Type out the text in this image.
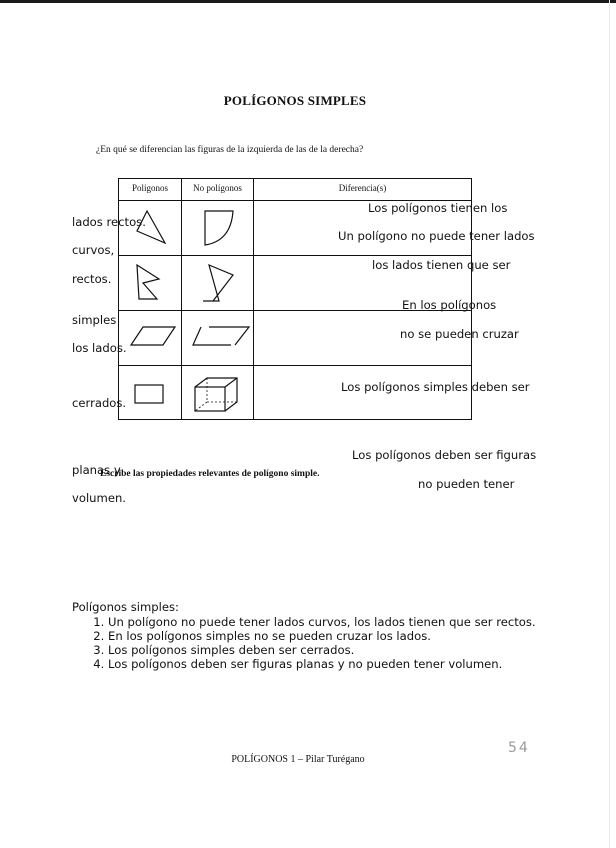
POLÍGONOS SIMPLES
¿En qué se diferencian las figuras de la izquierda de las de la derecha?
Polígonos	No polígonos	Diferencia(s)
Los polígonos tienen los
lados rectos.
Un polígono no puede tener lados
curvos,
los lados tienen que ser
rectos.
En los polígonos
simples
no se pueden cruzar
los lados.
Los polígonos simples deben ser
cerrados.
Los polígonos deben ser figuras
planas y
no pueden tener
volumen.
Escribe las propiedades relevantes de polígono simple.
Polígonos simples:
1. Un polígono no puede tener lados curvos, los lados tienen que ser rectos.
2. En los polígonos simples no se pueden cruzar los lados.
3. Los polígonos simples deben ser cerrados.
4. Los polígonos deben ser figuras planas y no pueden tener volumen.
POLÍGONOS 1 – Pilar Turégano
54
